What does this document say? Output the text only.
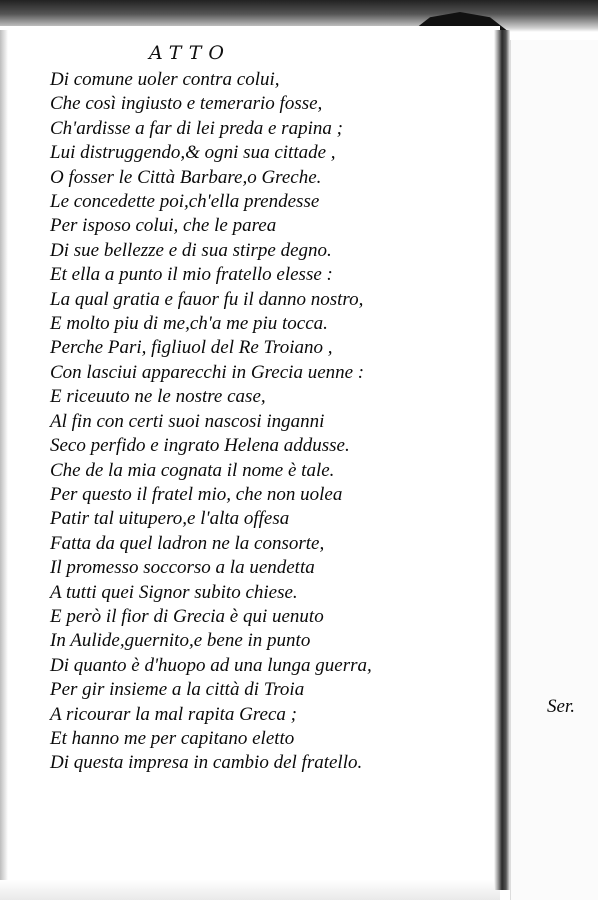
ATTO
Di comune uoler contra colui,
Che così ingiusto e temerario fosse,
Ch'ardisse a far di lei preda e rapina ;
Lui distruggendo,& ogni sua cittade ,
O fosser le Città Barbare,o Greche.
Le concedette poi,ch'ella prendesse
Per isposo colui, che le parea
Di sue bellezze e di sua stirpe degno.
Et ella a punto il mio fratello elesse :
La qual gratia e fauor fu il danno nostro,
E molto piu di me,ch'a me piu tocca.
Perche Pari, figliuol del Re Troiano ,
Con lasciui apparecchi in Grecia uenne :
E riceuuto ne le nostre case,
Al fin con certi suoi nascosi inganni
Seco perfido e ingrato Helena addusse.
Che de la mia cognata il nome è tale.
Per questo il fratel mio, che non uolea
Patir tal uitupero,e l'alta offesa
Fatta da quel ladron ne la consorte,
Il promesso soccorso a la uendetta
A tutti quei Signor subito chiese.
E però il fior di Grecia è qui uenuto
In Aulide,guernito,e bene in punto
Di quanto è d'huopo ad una lunga guerra,
Per gir insieme a la città di Troia
A ricourar la mal rapita Greca ;
Et hanno me per capitano eletto
Di questa impresa in cambio del fratello.
Ser.
